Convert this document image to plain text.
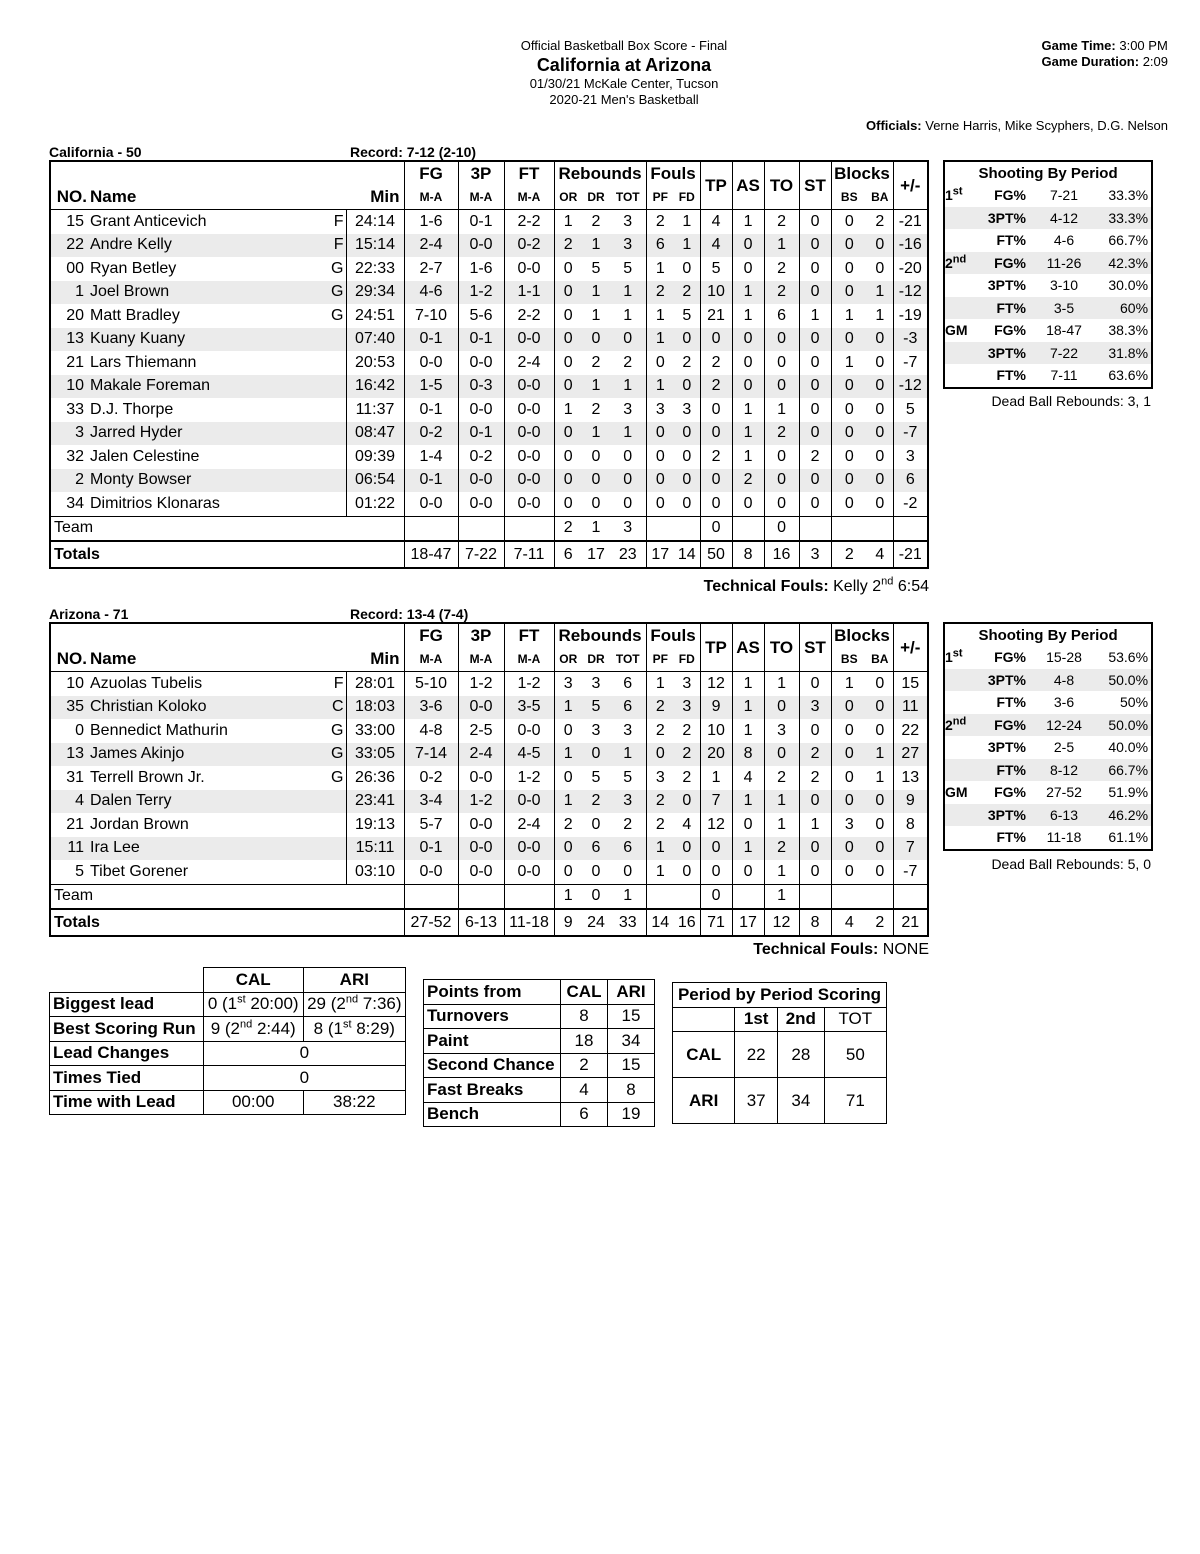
Official Basketball Box Score - Final
California at Arizona
01/30/21 McKale Center, Tucson
2020-21 Men's Basketball
Game Time: 3:00 PM
Game Duration: 2:09
Officials: Verne Harris, Mike Scyphers, D.G. Nelson
California - 50	Record: 7-12 (2-10)
				FG	3P	FT	Rebounds			Fouls		TP	AS	TO	ST	Blocks		+/-
NO.	Name		Min	M-A	M-A	M-A	OR	DR	TOT	PF	FD					BS	BA	
15	Grant Anticevich	F	24:14	1-6	0-1	2-2	1	2	3	2	1	4	1	2	0	0	2	-21
22	Andre Kelly	F	15:14	2-4	0-0	0-2	2	1	3	6	1	4	0	1	0	0	0	-16
00	Ryan Betley	G	22:33	2-7	1-6	0-0	0	5	5	1	0	5	0	2	0	0	0	-20
1	Joel Brown	G	29:34	4-6	1-2	1-1	0	1	1	2	2	10	1	2	0	0	1	-12
20	Matt Bradley	G	24:51	7-10	5-6	2-2	0	1	1	1	5	21	1	6	1	1	1	-19
13	Kuany Kuany		07:40	0-1	0-1	0-0	0	0	0	1	0	0	0	0	0	0	0	-3
21	Lars Thiemann		20:53	0-0	0-0	2-4	0	2	2	0	2	2	0	0	0	1	0	-7
10	Makale Foreman		16:42	1-5	0-3	0-0	0	1	1	1	0	2	0	0	0	0	0	-12
33	D.J. Thorpe		11:37	0-1	0-0	0-0	1	2	3	3	3	0	1	1	0	0	0	5
3	Jarred Hyder		08:47	0-2	0-1	0-0	0	1	1	0	0	0	1	2	0	0	0	-7
32	Jalen Celestine		09:39	1-4	0-2	0-0	0	0	0	0	0	2	1	0	2	0	0	3
2	Monty Bowser		06:54	0-1	0-0	0-0	0	0	0	0	0	0	2	0	0	0	0	6
34	Dimitrios Klonaras		01:22	0-0	0-0	0-0	0	0	0	0	0	0	0	0	0	0	0	-2
Team							2	1	3			0		0				
Totals				18-47	7-22	7-11	6	17	23	17	14	50	8	16	3	2	4	-21
Technical Fouls: Kelly 2nd 6:54
Shooting By Period			
1st	FG%	7-21	33.3%
	3PT%	4-12	33.3%
	FT%	4-6	66.7%
2nd	FG%	11-26	42.3%
	3PT%	3-10	30.0%
	FT%	3-5	60%
GM	FG%	18-47	38.3%
	3PT%	7-22	31.8%
	FT%	7-11	63.6%
Dead Ball Rebounds: 3, 1
Arizona - 71	Record: 13-4 (7-4)
				FG	3P	FT	Rebounds			Fouls		TP	AS	TO	ST	Blocks		+/-
NO.	Name		Min	M-A	M-A	M-A	OR	DR	TOT	PF	FD					BS	BA	
10	Azuolas Tubelis	F	28:01	5-10	1-2	1-2	3	3	6	1	3	12	1	1	0	1	0	15
35	Christian Koloko	C	18:03	3-6	0-0	3-5	1	5	6	2	3	9	1	0	3	0	0	11
0	Bennedict Mathurin	G	33:00	4-8	2-5	0-0	0	3	3	2	2	10	1	3	0	0	0	22
13	James Akinjo	G	33:05	7-14	2-4	4-5	1	0	1	0	2	20	8	0	2	0	1	27
31	Terrell Brown Jr.	G	26:36	0-2	0-0	1-2	0	5	5	3	2	1	4	2	2	0	1	13
4	Dalen Terry		23:41	3-4	1-2	0-0	1	2	3	2	0	7	1	1	0	0	0	9
21	Jordan Brown		19:13	5-7	0-0	2-4	2	0	2	2	4	12	0	1	1	3	0	8
11	Ira Lee		15:11	0-1	0-0	0-0	0	6	6	1	0	0	1	2	0	0	0	7
5	Tibet Gorener		03:10	0-0	0-0	0-0	0	0	0	1	0	0	0	1	0	0	0	-7
Team							1	0	1			0		1				
Totals				27-52	6-13	11-18	9	24	33	14	16	71	17	12	8	4	2	21
Technical Fouls: NONE
Shooting By Period			
1st	FG%	15-28	53.6%
	3PT%	4-8	50.0%
	FT%	3-6	50%
2nd	FG%	12-24	50.0%
	3PT%	2-5	40.0%
	FT%	8-12	66.7%
GM	FG%	27-52	51.9%
	3PT%	6-13	46.2%
	FT%	11-18	61.1%
Dead Ball Rebounds: 5, 0
	CAL	ARI
Biggest lead	0 (1st 20:00)	29 (2nd 7:36)
Best Scoring Run	9 (2nd 2:44)	8 (1st 8:29)
Lead Changes	0	
Times Tied	0	
Time with Lead	00:00	38:22
Points from	CAL	ARI
Turnovers	8	15
Paint	18	34
Second Chance	2	15
Fast Breaks	4	8
Bench	6	19
Period by Period Scoring			
	1st	2nd	TOT
CAL	22	28	50
ARI	37	34	71
